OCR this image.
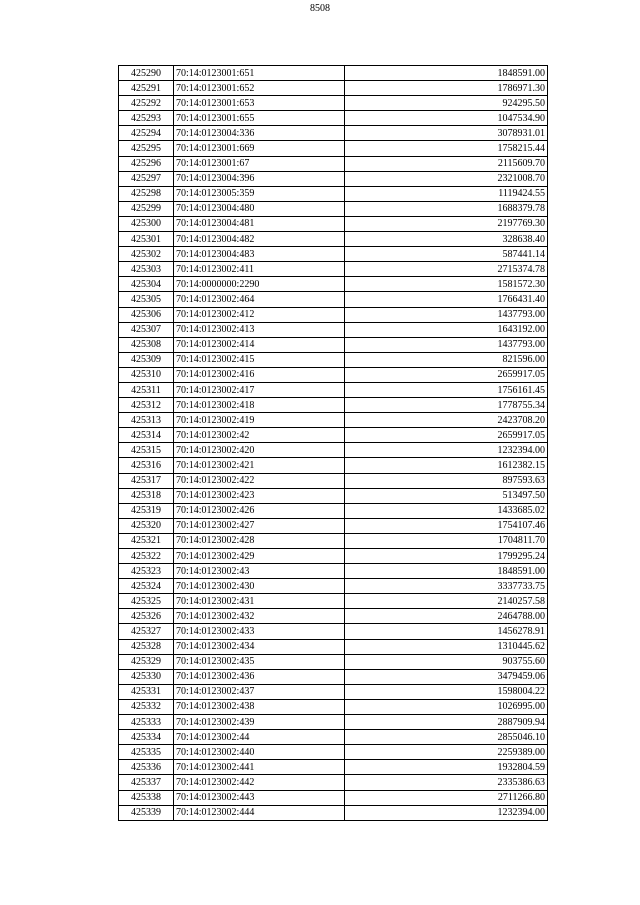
8508
425290	70:14:0123001:651	1848591.00
425291	70:14:0123001:652	1786971.30
425292	70:14:0123001:653	924295.50
425293	70:14:0123001:655	1047534.90
425294	70:14:0123004:336	3078931.01
425295	70:14:0123001:669	1758215.44
425296	70:14:0123001:67	2115609.70
425297	70:14:0123004:396	2321008.70
425298	70:14:0123005:359	1119424.55
425299	70:14:0123004:480	1688379.78
425300	70:14:0123004:481	2197769.30
425301	70:14:0123004:482	328638.40
425302	70:14:0123004:483	587441.14
425303	70:14:0123002:411	2715374.78
425304	70:14:0000000:2290	1581572.30
425305	70:14:0123002:464	1766431.40
425306	70:14:0123002:412	1437793.00
425307	70:14:0123002:413	1643192.00
425308	70:14:0123002:414	1437793.00
425309	70:14:0123002:415	821596.00
425310	70:14:0123002:416	2659917.05
425311	70:14:0123002:417	1756161.45
425312	70:14:0123002:418	1778755.34
425313	70:14:0123002:419	2423708.20
425314	70:14:0123002:42	2659917.05
425315	70:14:0123002:420	1232394.00
425316	70:14:0123002:421	1612382.15
425317	70:14:0123002:422	897593.63
425318	70:14:0123002:423	513497.50
425319	70:14:0123002:426	1433685.02
425320	70:14:0123002:427	1754107.46
425321	70:14:0123002:428	1704811.70
425322	70:14:0123002:429	1799295.24
425323	70:14:0123002:43	1848591.00
425324	70:14:0123002:430	3337733.75
425325	70:14:0123002:431	2140257.58
425326	70:14:0123002:432	2464788.00
425327	70:14:0123002:433	1456278.91
425328	70:14:0123002:434	1310445.62
425329	70:14:0123002:435	903755.60
425330	70:14:0123002:436	3479459.06
425331	70:14:0123002:437	1598004.22
425332	70:14:0123002:438	1026995.00
425333	70:14:0123002:439	2887909.94
425334	70:14:0123002:44	2855046.10
425335	70:14:0123002:440	2259389.00
425336	70:14:0123002:441	1932804.59
425337	70:14:0123002:442	2335386.63
425338	70:14:0123002:443	2711266.80
425339	70:14:0123002:444	1232394.00
